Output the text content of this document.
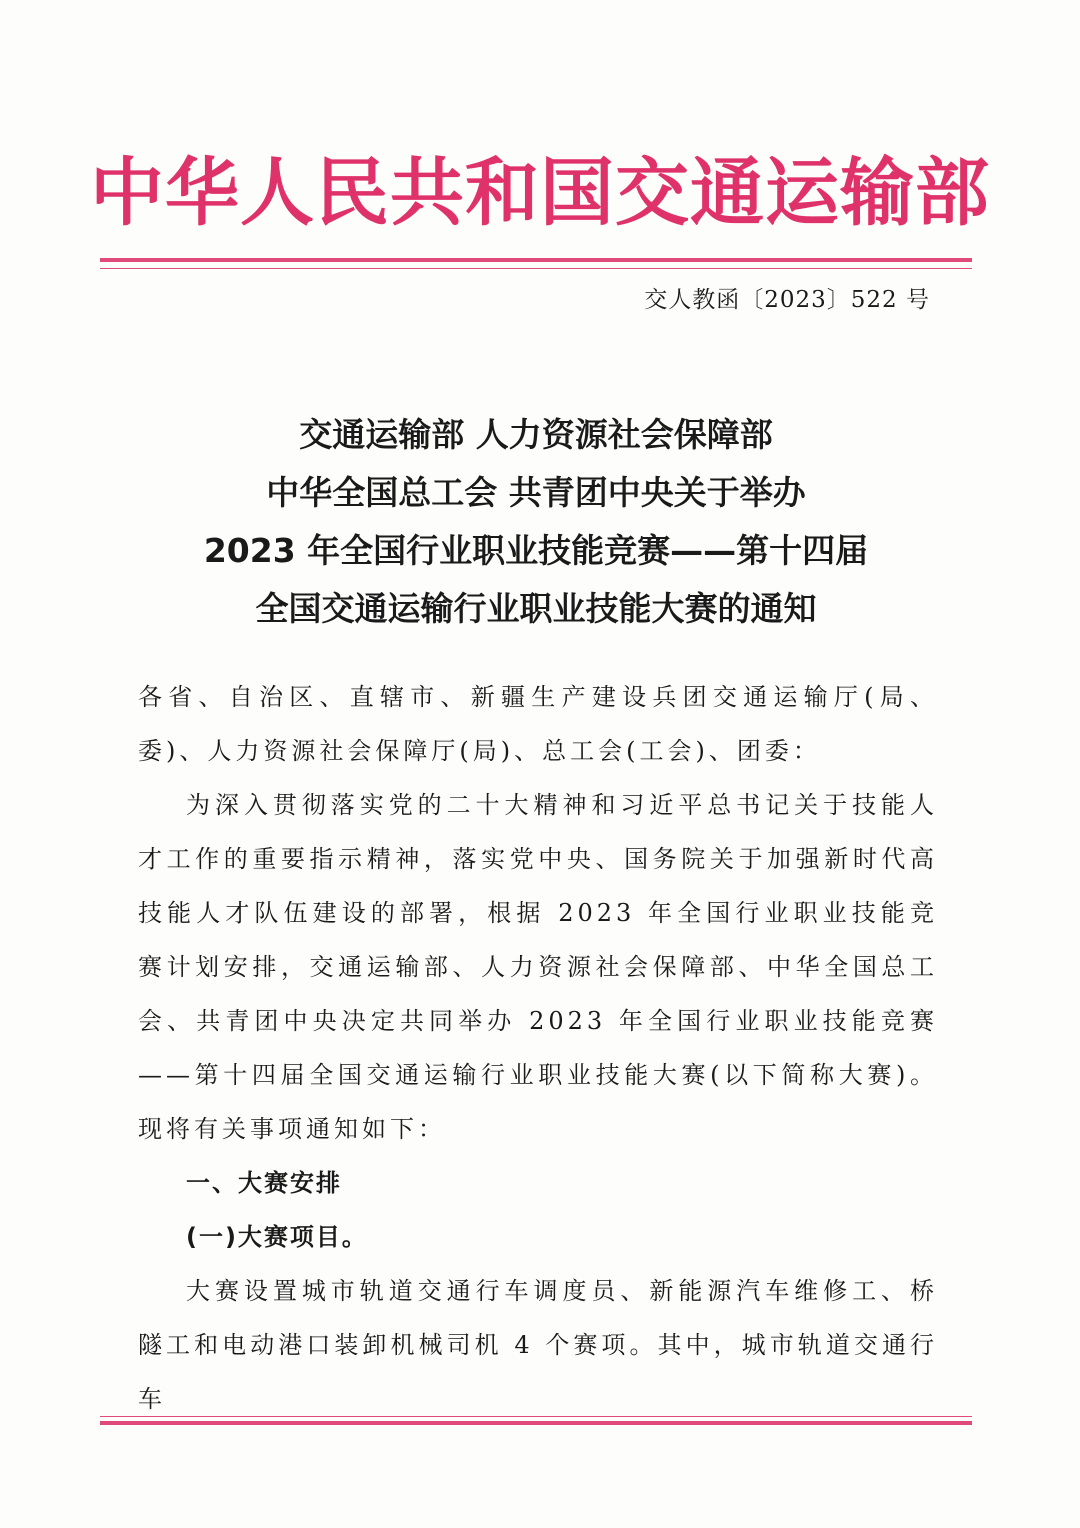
中华人民共和国交通运输部
交人教函〔2023〕522 号
交通运输部 人力资源社会保障部
中华全国总工会 共青团中央关于举办
2023 年全国行业职业技能竞赛——第十四届
全国交通运输行业职业技能大赛的通知

各省、自治区、直辖市、新疆生产建设兵团交通运输厅(局、委)、人力资源社会保障厅(局)、总工会(工会)、团委：

为深入贯彻落实党的二十大精神和习近平总书记关于技能人才工作的重要指示精神，落实党中央、国务院关于加强新时代高技能人才队伍建设的部署，根据 2023 年全国行业职业技能竞赛计划安排，交通运输部、人力资源社会保障部、中华全国总工会、共青团中央决定共同举办 2023 年全国行业职业技能竞赛——第十四届全国交通运输行业职业技能大赛(以下简称大赛)。现将有关事项通知如下：

一、大赛安排

(一)大赛项目。

大赛设置城市轨道交通行车调度员、新能源汽车维修工、桥隧工和电动港口装卸机械司机 4 个赛项。其中，城市轨道交通行车
